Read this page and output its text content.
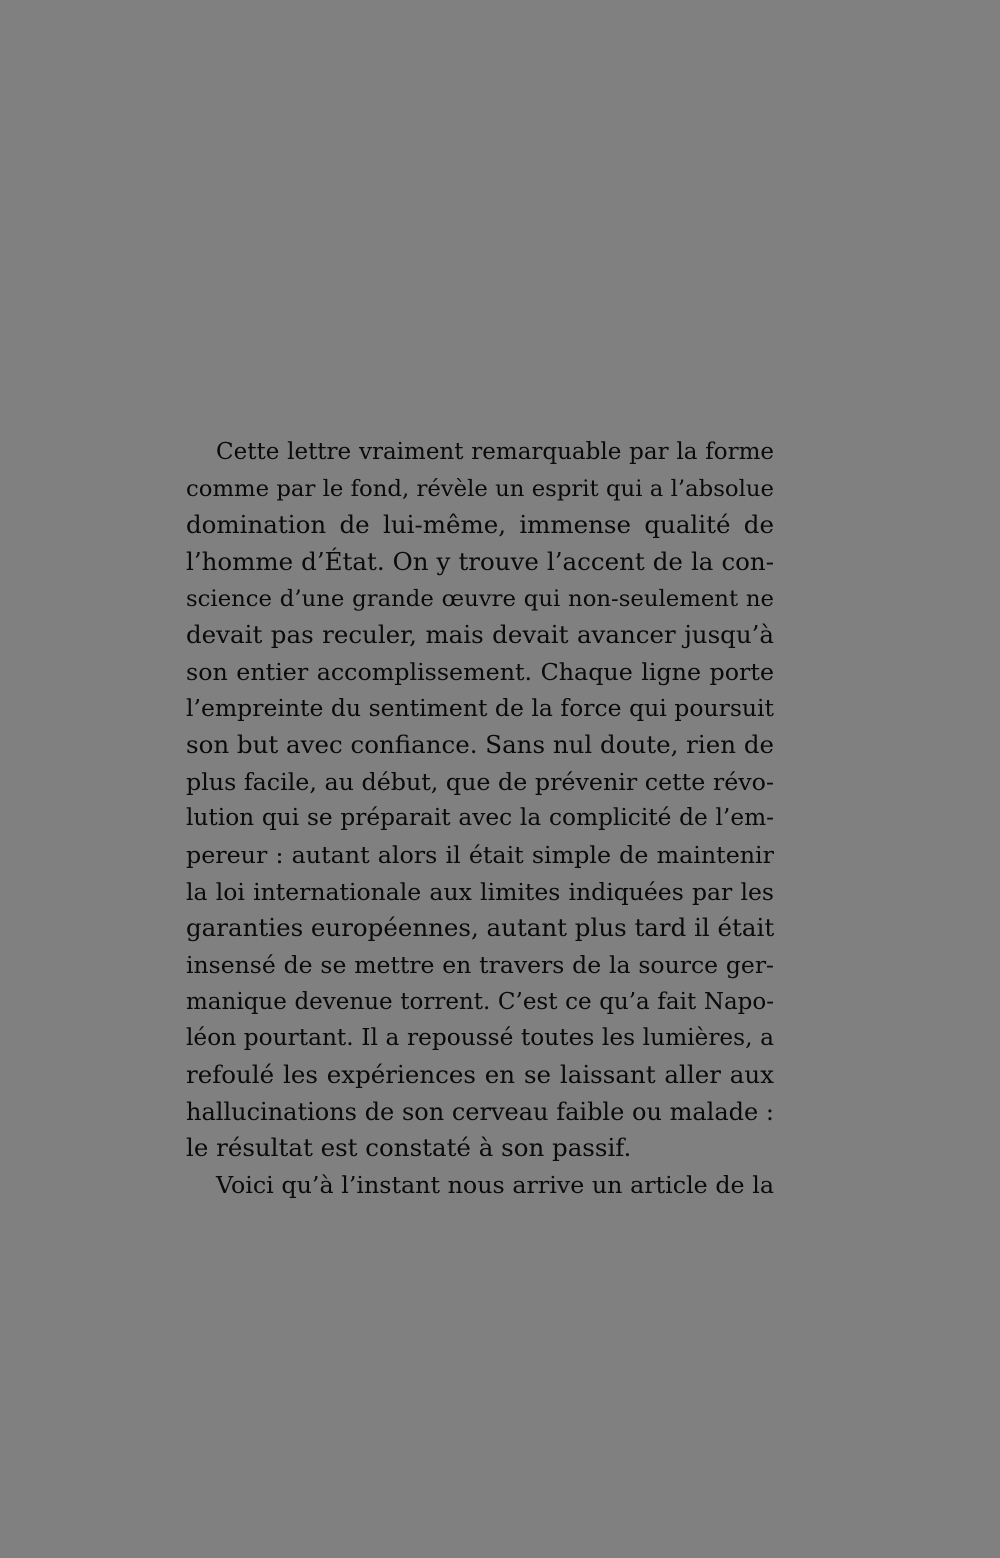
Cette lettre vraiment remarquable par la forme
comme par le fond, révèle un esprit qui a l’absolue
domination de lui-même, immense qualité de
l’homme d’État. On y trouve l’accent de la con-
science d’une grande œuvre qui non-seulement ne
devait pas reculer, mais devait avancer jusqu’à
son entier accomplissement. Chaque ligne porte
l’empreinte du sentiment de la force qui poursuit
son but avec confiance. Sans nul doute, rien de
plus facile, au début, que de prévenir cette révo-
lution qui se préparait avec la complicité de l’em-
pereur : autant alors il était simple de maintenir
la loi internationale aux limites indiquées par les
garanties européennes, autant plus tard il était
insensé de se mettre en travers de la source ger-
manique devenue torrent. C’est ce qu’a fait Napo-
léon pourtant. Il a repoussé toutes les lumières, a
refoulé les expériences en se laissant aller aux
hallucinations de son cerveau faible ou malade :
le résultat est constaté à son passif.
Voici qu’à l’instant nous arrive un article de la
